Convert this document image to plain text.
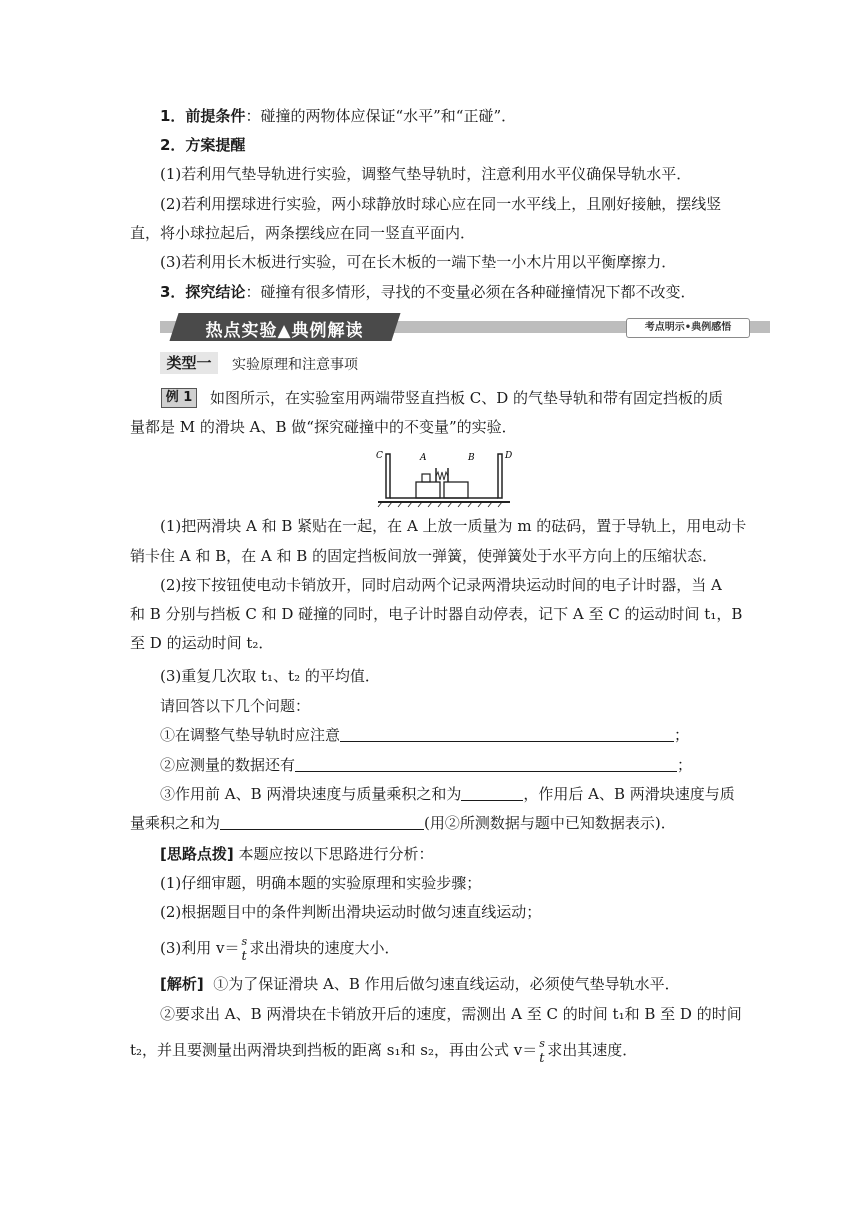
1．前提条件：碰撞的两物体应保证“水平”和“正碰”．
2．方案提醒
(1)若利用气垫导轨进行实验，调整气垫导轨时，注意利用水平仪确保导轨水平．
(2)若利用摆球进行实验，两小球静放时球心应在同一水平线上，且刚好接触，摆线竖
直，将小球拉起后，两条摆线应在同一竖直平面内．
(3)若利用长木板进行实验，可在长木板的一端下垫一小木片用以平衡摩擦力．
3．探究结论：碰撞有很多情形，寻找的不变量必须在各种碰撞情况下都不改变．
热点实验▲典例解读	考点明示•典例感悟
类型一	实验原理和注意事项
例 1	如图所示，在实验室用两端带竖直挡板 C、D 的气垫导轨和带有固定挡板的质
量都是 M 的滑块 A、B 做“探究碰撞中的不变量”的实验．
C	A	B	D
(1)把两滑块 A 和 B 紧贴在一起，在 A 上放一质量为 m 的砝码，置于导轨上，用电动卡
销卡住 A 和 B，在 A 和 B 的固定挡板间放一弹簧，使弹簧处于水平方向上的压缩状态．
(2)按下按钮使电动卡销放开，同时启动两个记录两滑块运动时间的电子计时器，当 A
和 B 分别与挡板 C 和 D 碰撞的同时，电子计时器自动停表，记下 A 至 C 的运动时间 t₁，B
至 D 的运动时间 t₂．
(3)重复几次取 t₁、t₂ 的平均值．
请回答以下几个问题：
①在调整气垫导轨时应注意	；
②应测量的数据还有	；
③作用前 A、B 两滑块速度与质量乘积之和为	，作用后 A、B 两滑块速度与质
量乘积之和为	(用②所测数据与题中已知数据表示)．
[思路点拨] 本题应按以下思路进行分析：
(1)仔细审题，明确本题的实验原理和实验步骤；
(2)根据题目中的条件判断出滑块运动时做匀速直线运动；
(3)利用 v＝ s
t 求出滑块的速度大小．
[解析] ①为了保证滑块 A、B 作用后做匀速直线运动，必须使气垫导轨水平．
②要求出 A、B 两滑块在卡销放开后的速度，需测出 A 至 C 的时间 t₁和 B 至 D 的时间
t₂，并且要测量出两滑块到挡板的距离 s₁和 s₂，再由公式 v＝ s
t 求出其速度．
